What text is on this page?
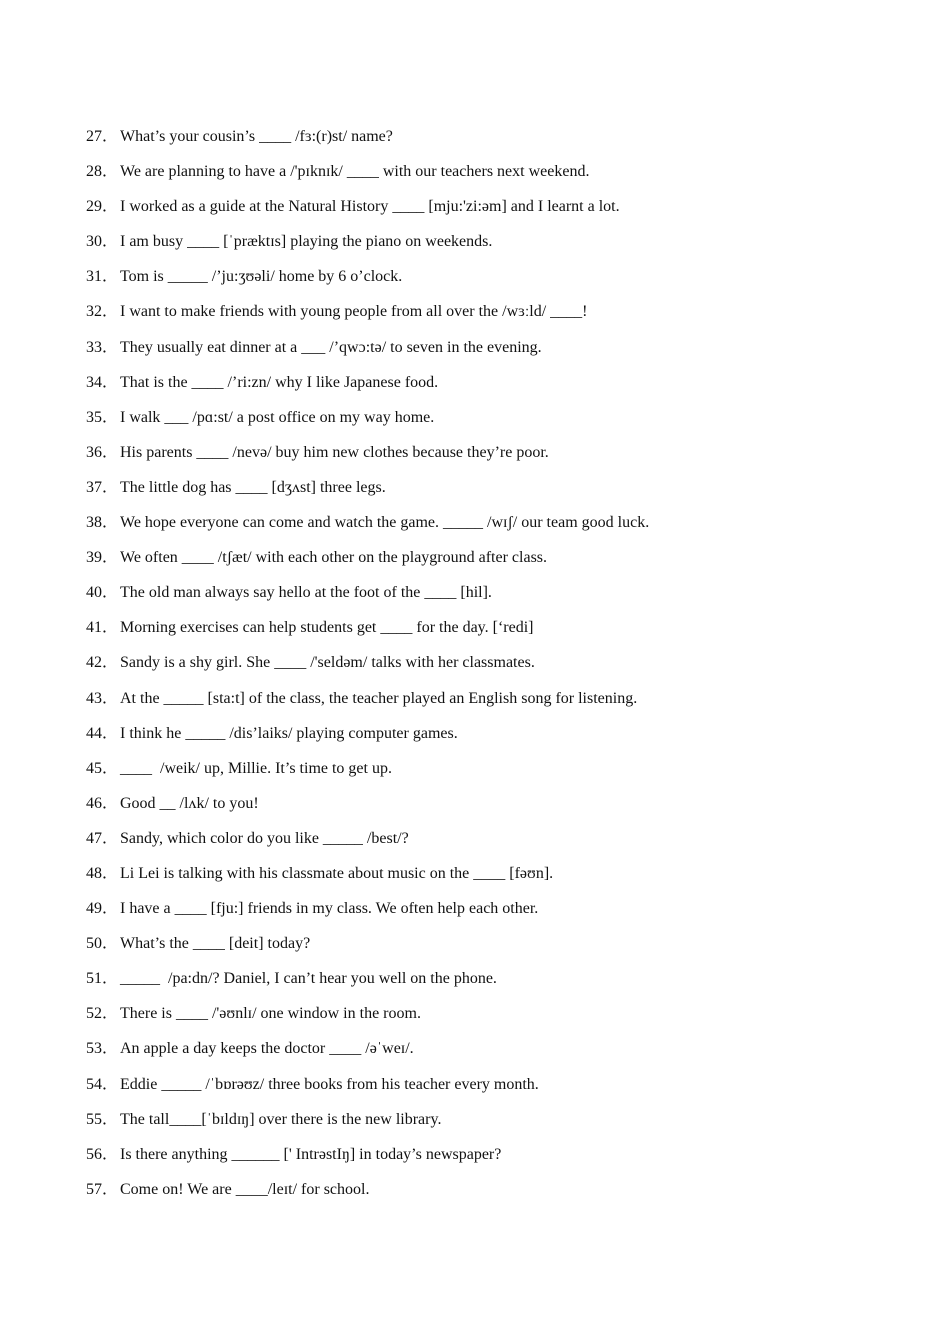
27． What’s your cousin’s ____ /fɜ:(r)st/ name?
28． We are planning to have a /'pɪknɪk/ ____ with our teachers next weekend.
29． I worked as a guide at the Natural History ____ [mju:'zi:əm] and I learnt a lot.
30． I am busy ____ [ˈpræktɪs] playing the piano on weekends.
31． Tom is _____ /’ju:ʒʊəli/ home by 6 o’clock.
32． I want to make friends with young people from all over the /wɜːld/ ____!
33． They usually eat dinner at a ___ /’qwɔ:tə/ to seven in the evening.
34． That is the ____ /’ri:zn/ why I like Japanese food.
35． I walk ___ /pɑ:st/ a post office on my way home.
36． His parents ____ /nevə/ buy him new clothes because they’re poor.
37． The little dog has ____ [dʒʌst] three legs.
38． We hope everyone can come and watch the game. _____ /wɪʃ/ our team good luck.
39． We often ____ /tʃæt/ with each other on the playground after class.
40． The old man always say hello at the foot of the ____ [hil].
41． Morning exercises can help students get ____ for the day. [‘redi]
42． Sandy is a shy girl. She ____ /'seldəm/ talks with her classmates.
43． At the _____ [sta:t] of the class, the teacher played an English song for listening.
44． I think he _____ /dis’laiks/ playing computer games.
45． ____  /weik/ up, Millie. It’s time to get up.
46． Good __ /lʌk/ to you!
47． Sandy, which color do you like _____ /best/?
48． Li Lei is talking with his classmate about music on the ____ [fəʊn].
49． I have a ____ [fju:] friends in my class. We often help each other.
50． What’s the ____ [deit] today?
51． _____  /pa:dn/? Daniel, I can’t hear you well on the phone.
52． There is ____ /'əʊnlɪ/ one window in the room.
53． An apple a day keeps the doctor ____ /əˈweɪ/.
54． Eddie _____ /ˈbɒrəʊz/ three books from his teacher every month.
55． The tall____[ˈbɪldɪŋ] over there is the new library.
56． Is there anything ______ [' IntrəstIŋ] in today’s newspaper?
57． Come on! We are ____/leɪt/ for school.
